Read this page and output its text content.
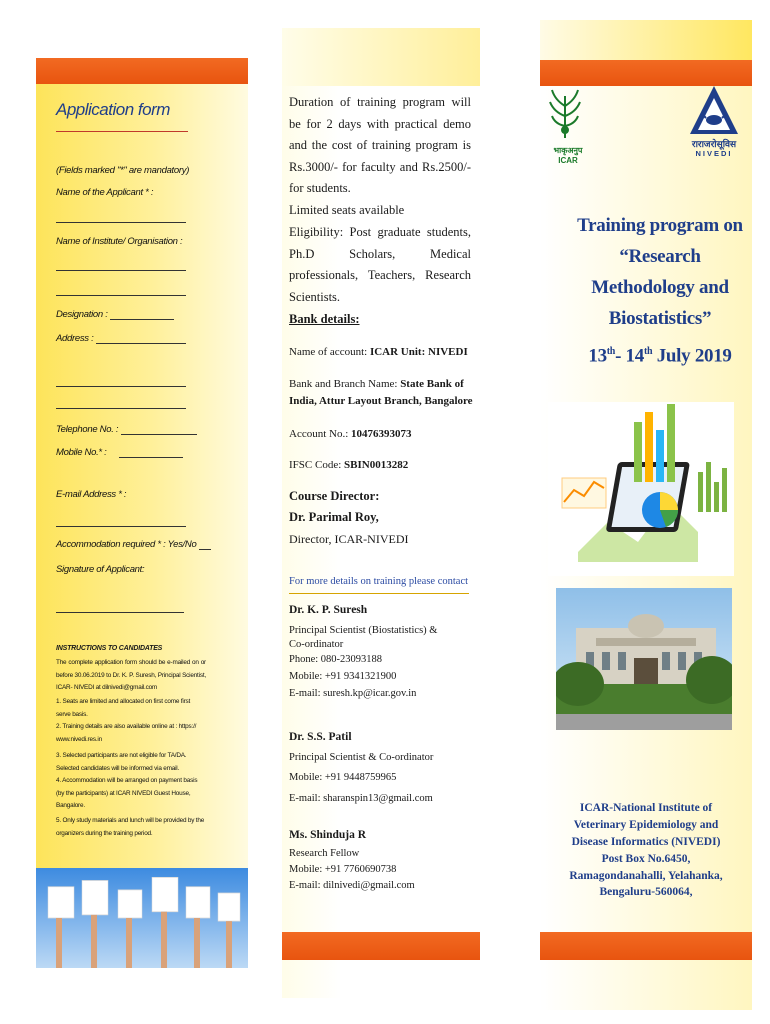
Application form
(Fields marked "*" are mandatory)
Name of the Applicant * :
Name of Institute/ Organisation :
Designation :
Address :
Telephone No. :
Mobile No.* :
E-mail Address * :
Accommodation required * : Yes/No
Signature of Applicant:
INSTRUCTIONS TO CANDIDATES
The complete application form should be e-mailed on or before 30.06.2019 to Dr. K. P. Suresh, Principal Scientist, ICAR- NIVEDI at dilnivedi@gmail.com
1. Seats are limited and allocated on first come first serve basis.
2. Training details are also available online at : https:// www.nivedi.res.in
3. Selected participants are not eligible for TA/DA. Selected candidates will be informed via email.
4. Accommodation will be arranged on payment basis (by the participants) at ICAR NIVEDI Guest House, Bangalore.
5. Only study materials and lunch will be provided by the organizers during the training period.
Duration of training program will be for 2 days with practical demo and the cost of training program is Rs.3000/- for faculty and Rs.2500/- for students.
Limited seats available
Eligibility: Post graduate students, Ph.D Scholars, Medical professionals, Teachers, Research Scientists.
Bank details:
Name of account: ICAR Unit: NIVEDI
Bank and Branch Name: State Bank of India, Attur Layout Branch, Bangalore
Account No.: 10476393073
IFSC Code: SBIN0013282
Course Director:
Dr. Parimal Roy,
Director, ICAR-NIVEDI
For more details on training please contact
Dr. K. P. Suresh
Principal Scientist (Biostatistics) & Co-ordinator
Phone: 080-23093188
Mobile: +91 9341321900
E-mail: suresh.kp@icar.gov.in
Dr. S.S. Patil
Principal Scientist & Co-ordinator
Mobile: +91 9448759965
E-mail: sharanspin13@gmail.com
Ms. Shinduja R
Research Fellow
Mobile: +91 7760690738
E-mail: dilnivedi@gmail.com
भाकृअनुप ICAR
राराजरोसूविस
NIVEDI
Training program on
“Research
Methodology and
Biostatistics”
13th- 14th July 2019
ICAR-National Institute of
Veterinary Epidemiology and
Disease Informatics (NIVEDI)
Post Box No.6450,
Ramagondanahalli, Yelahanka,
Bengaluru-560064,
